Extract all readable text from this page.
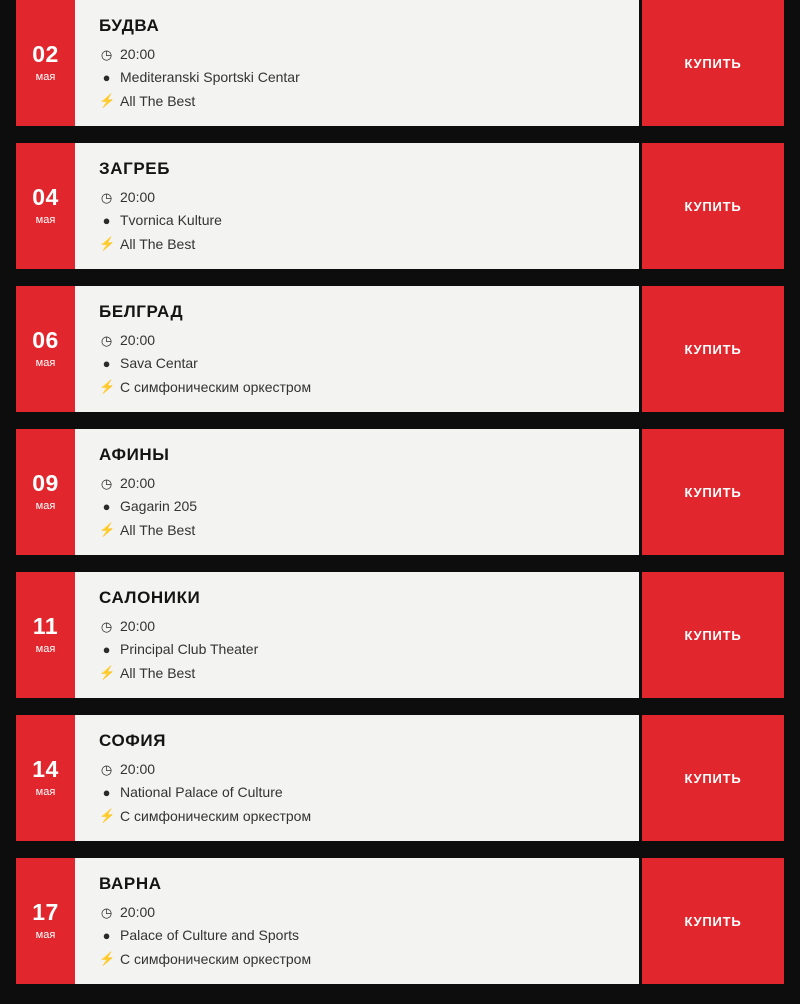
02
мая
БУДВА
◷ 20:00
● Mediteranski Sportski Centar
⚡ All The Best
КУПИТЬ
04
мая
ЗАГРЕБ
◷ 20:00
● Tvornica Kulture
⚡ All The Best
КУПИТЬ
06
мая
БЕЛГРАД
◷ 20:00
● Sava Centar
⚡ С симфоническим оркестром
КУПИТЬ
09
мая
АФИНЫ
◷ 20:00
● Gagarin 205
⚡ All The Best
КУПИТЬ
11
мая
САЛОНИКИ
◷ 20:00
● Principal Club Theater
⚡ All The Best
КУПИТЬ
14
мая
СОФИЯ
◷ 20:00
● National Palace of Culture
⚡ С симфоническим оркестром
КУПИТЬ
17
мая
ВАРНА
◷ 20:00
● Palace of Culture and Sports
⚡ С симфоническим оркестром
КУПИТЬ
